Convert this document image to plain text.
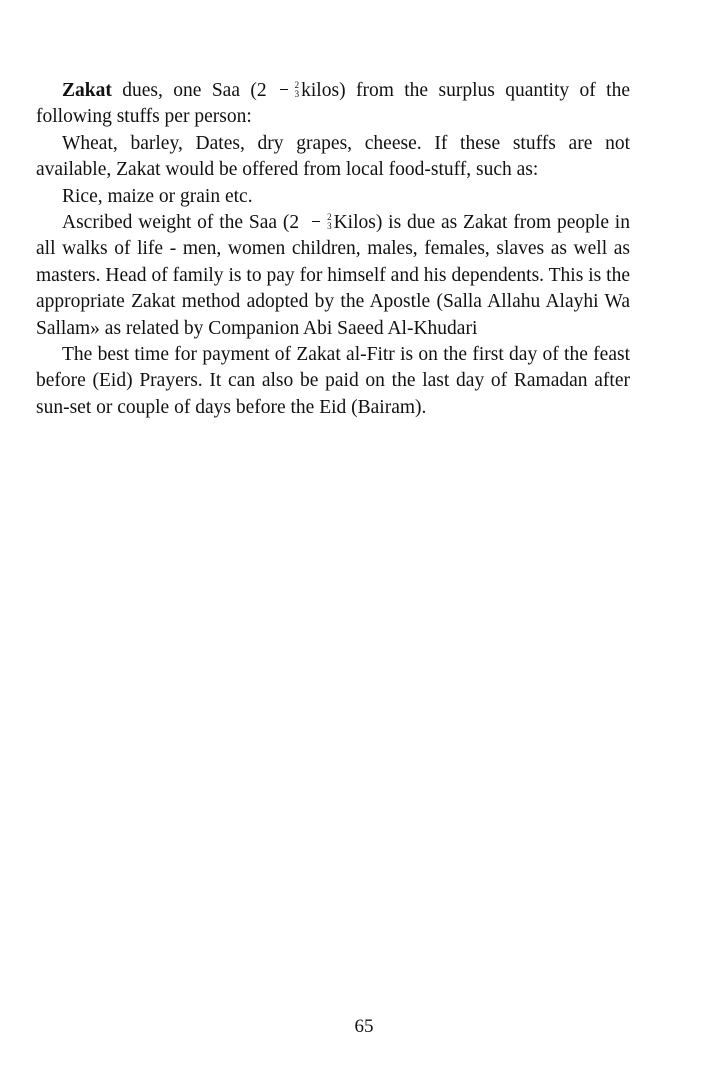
Zakat dues, one Saa ($2 \frac{2}{3}$ kilos) from the surplus quantity of the following stuffs per person:

Wheat, barley, Dates, dry grapes, cheese. If these stuffs are not available, Zakat would be offered from local food-stuff, such as:

Rice, maize or grain etc.

Ascribed weight of the Saa ($2 \frac{2}{3}$ Kilos) is due as Zakat from people in all walks of life - men, women children, males, females, slaves as well as masters. Head of family is to pay for himself and his dependents. This is the appropriate Zakat method adopted by the Apostle (Salla Allahu Alayhi Wa Sallam» as related by Companion Abi Saeed Al-Khudari

The best time for payment of Zakat al-Fitr is on the first day of the feast before (Eid) Prayers. It can also be paid on the last day of Ramadan after sun-set or couple of days before the Eid (Bairam).

65
